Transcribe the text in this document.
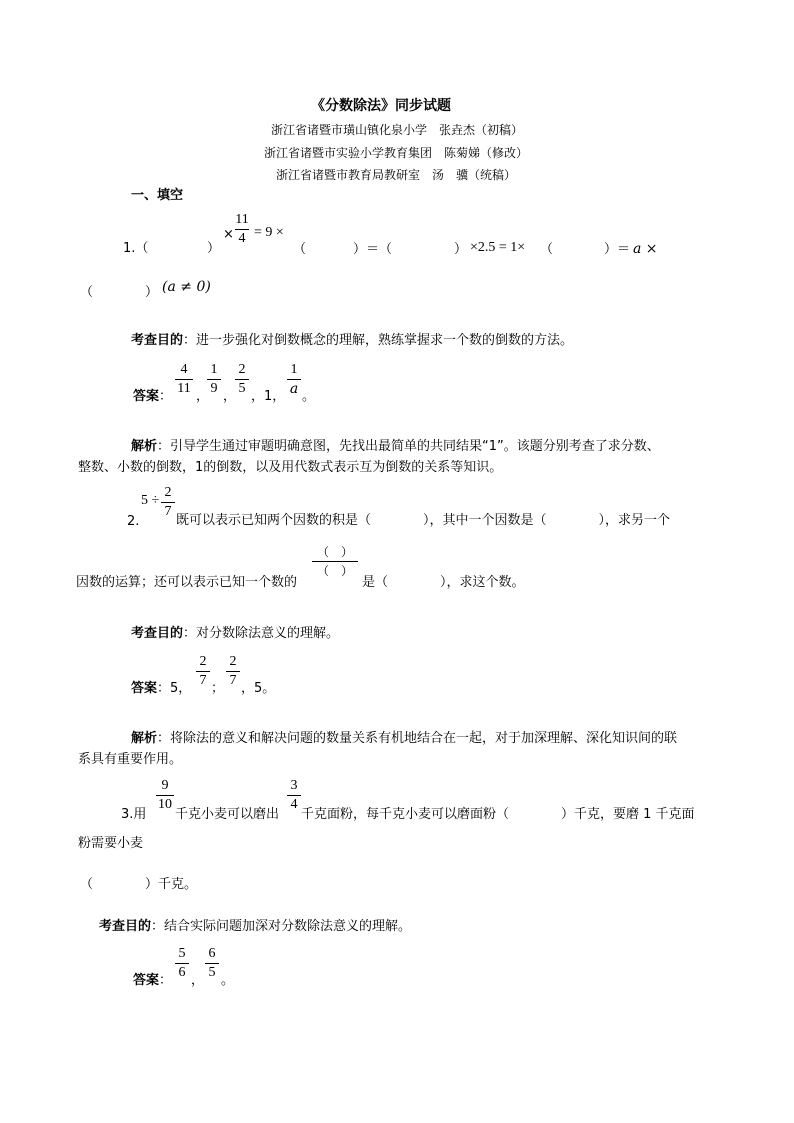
《分数除法》同步试题
浙江省诸暨市璜山镇化泉小学　张垚杰（初稿）
浙江省诸暨市实验小学教育集团　陈菊娣（修改）
浙江省诸暨市教育局教研室　汤　骥（统稿）
一、填空
1.（	）
×
11
4 = 9 ×
（	）＝（	） ×2.5 = 1× （	）＝ a ×
（	） (a ≠ 0)
考查目的：进一步强化对倒数概念的理解，熟练掌握求一个数的倒数的方法。
答案 ：
4
11
，
1
9
，
2
5
，1，
1
a 。
解析：引导学生通过审题明确意图，先找出最简单的共同结果“1”。该题分别考查了求分数、
整数、小数的倒数，1的倒数，以及用代数式表示互为倒数的关系等知识。
2.
5 ÷
2
7
既可以表示已知两个因数的积是（　　　　），其中一个因数是（　　　　），求另一个
因数的运算；还可以表示已知一个数的
（　）
（　）
是（　　　　），求这个数。
考查目的：对分数除法意义的理解。
答案 ：5，
2
7
；
2
7
，5。
解析：将除法的意义和解决问题的数量关系有机地结合在一起，对于加深理解、深化知识间的联
系具有重要作用。
3.用
9
10
千克小麦可以磨出
3
4
千克面粉，每千克小麦可以磨面粉（　　　　）千克，要磨 1 千克面
粉需要小麦
（　　　　）千克。
考查目的：结合实际问题加深对分数除法意义的理解。
答案 ：
5
6
，
6
5
。
